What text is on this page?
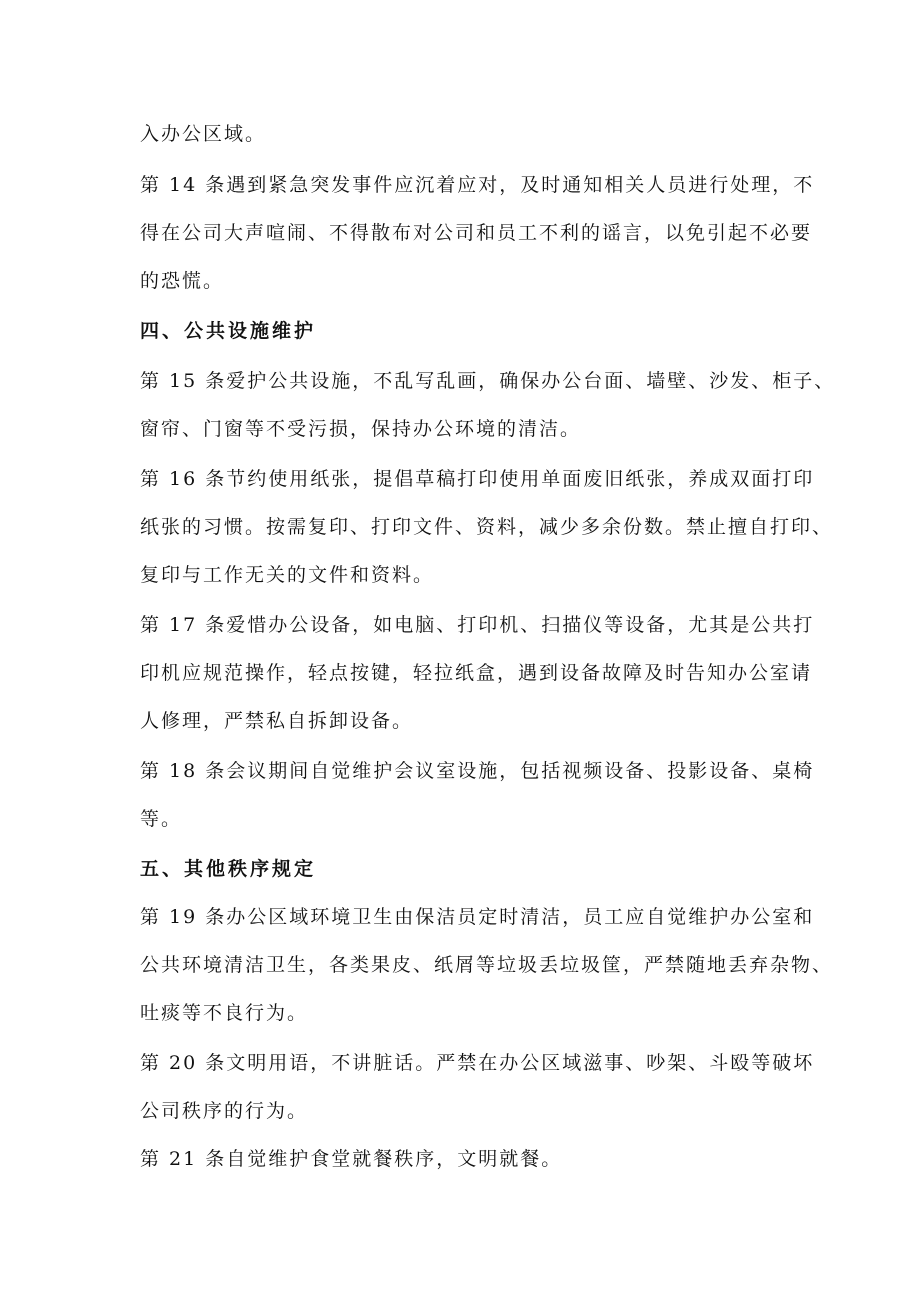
入办公区域。
第 14 条遇到紧急突发事件应沉着应对，及时通知相关人员进行处理，不
得在公司大声喧闹、不得散布对公司和员工不利的谣言，以免引起不必要
的恐慌。
四、公共设施维护
第 15 条爱护公共设施，不乱写乱画，确保办公台面、墙壁、沙发、柜子、
窗帘、门窗等不受污损，保持办公环境的清洁。
第 16 条节约使用纸张，提倡草稿打印使用单面废旧纸张，养成双面打印
纸张的习惯。按需复印、打印文件、资料，减少多余份数。禁止擅自打印、
复印与工作无关的文件和资料。
第 17 条爱惜办公设备，如电脑、打印机、扫描仪等设备，尤其是公共打
印机应规范操作，轻点按键，轻拉纸盒，遇到设备故障及时告知办公室请
人修理，严禁私自拆卸设备。
第 18 条会议期间自觉维护会议室设施，包括视频设备、投影设备、桌椅
等。
五、其他秩序规定
第 19 条办公区域环境卫生由保洁员定时清洁，员工应自觉维护办公室和
公共环境清洁卫生，各类果皮、纸屑等垃圾丢垃圾筐，严禁随地丢弃杂物、
吐痰等不良行为。
第 20 条文明用语，不讲脏话。严禁在办公区域滋事、吵架、斗殴等破坏
公司秩序的行为。
第 21 条自觉维护食堂就餐秩序，文明就餐。
